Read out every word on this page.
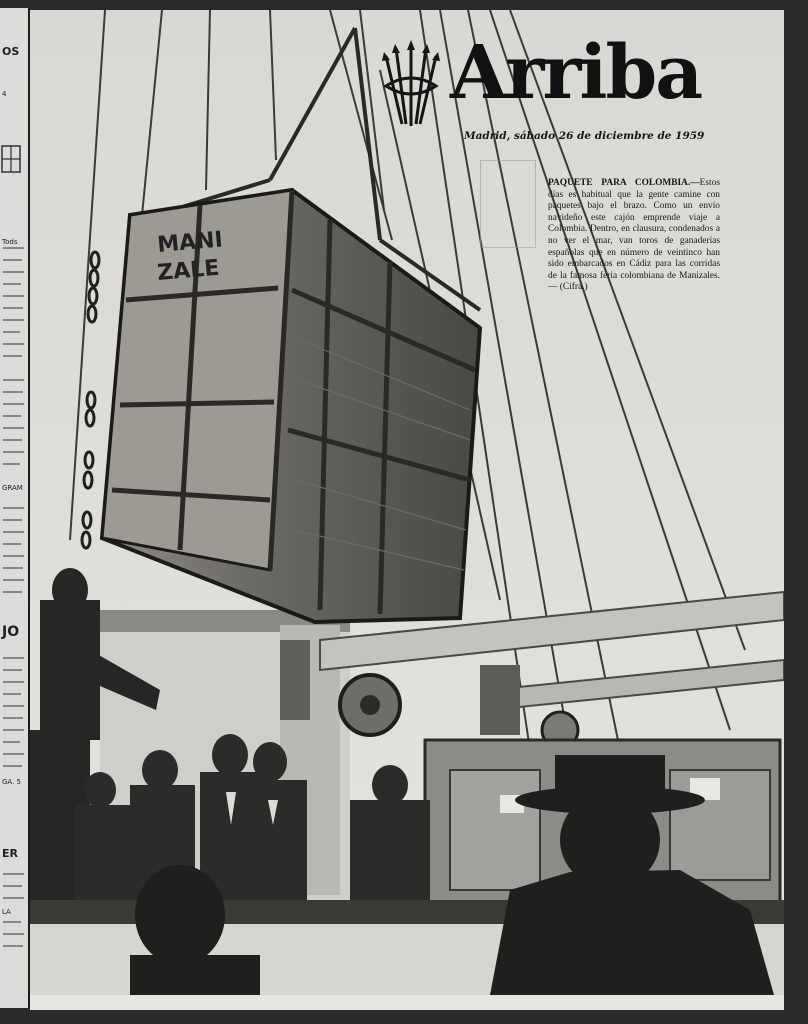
OS
4
Tods
GRAM
JO
GA. 5
ER
LA
MANI
ZALE
Arriba

Madrid, sábado 26 de diciembre de 1959

PAQUETE PARA COLOMBIA.—Estos días es habitual que la gente camine con paquetes bajo el brazo. Como un envío navideño este cajón emprende viaje a Colombia. Dentro, en clausura, condenados a no ver el mar, van toros de ganaderías españolas que en número de veintinco han sido embarcados en Cádiz para las corridas de la famosa feria colombiana de Manizales. — (Cifra.)
